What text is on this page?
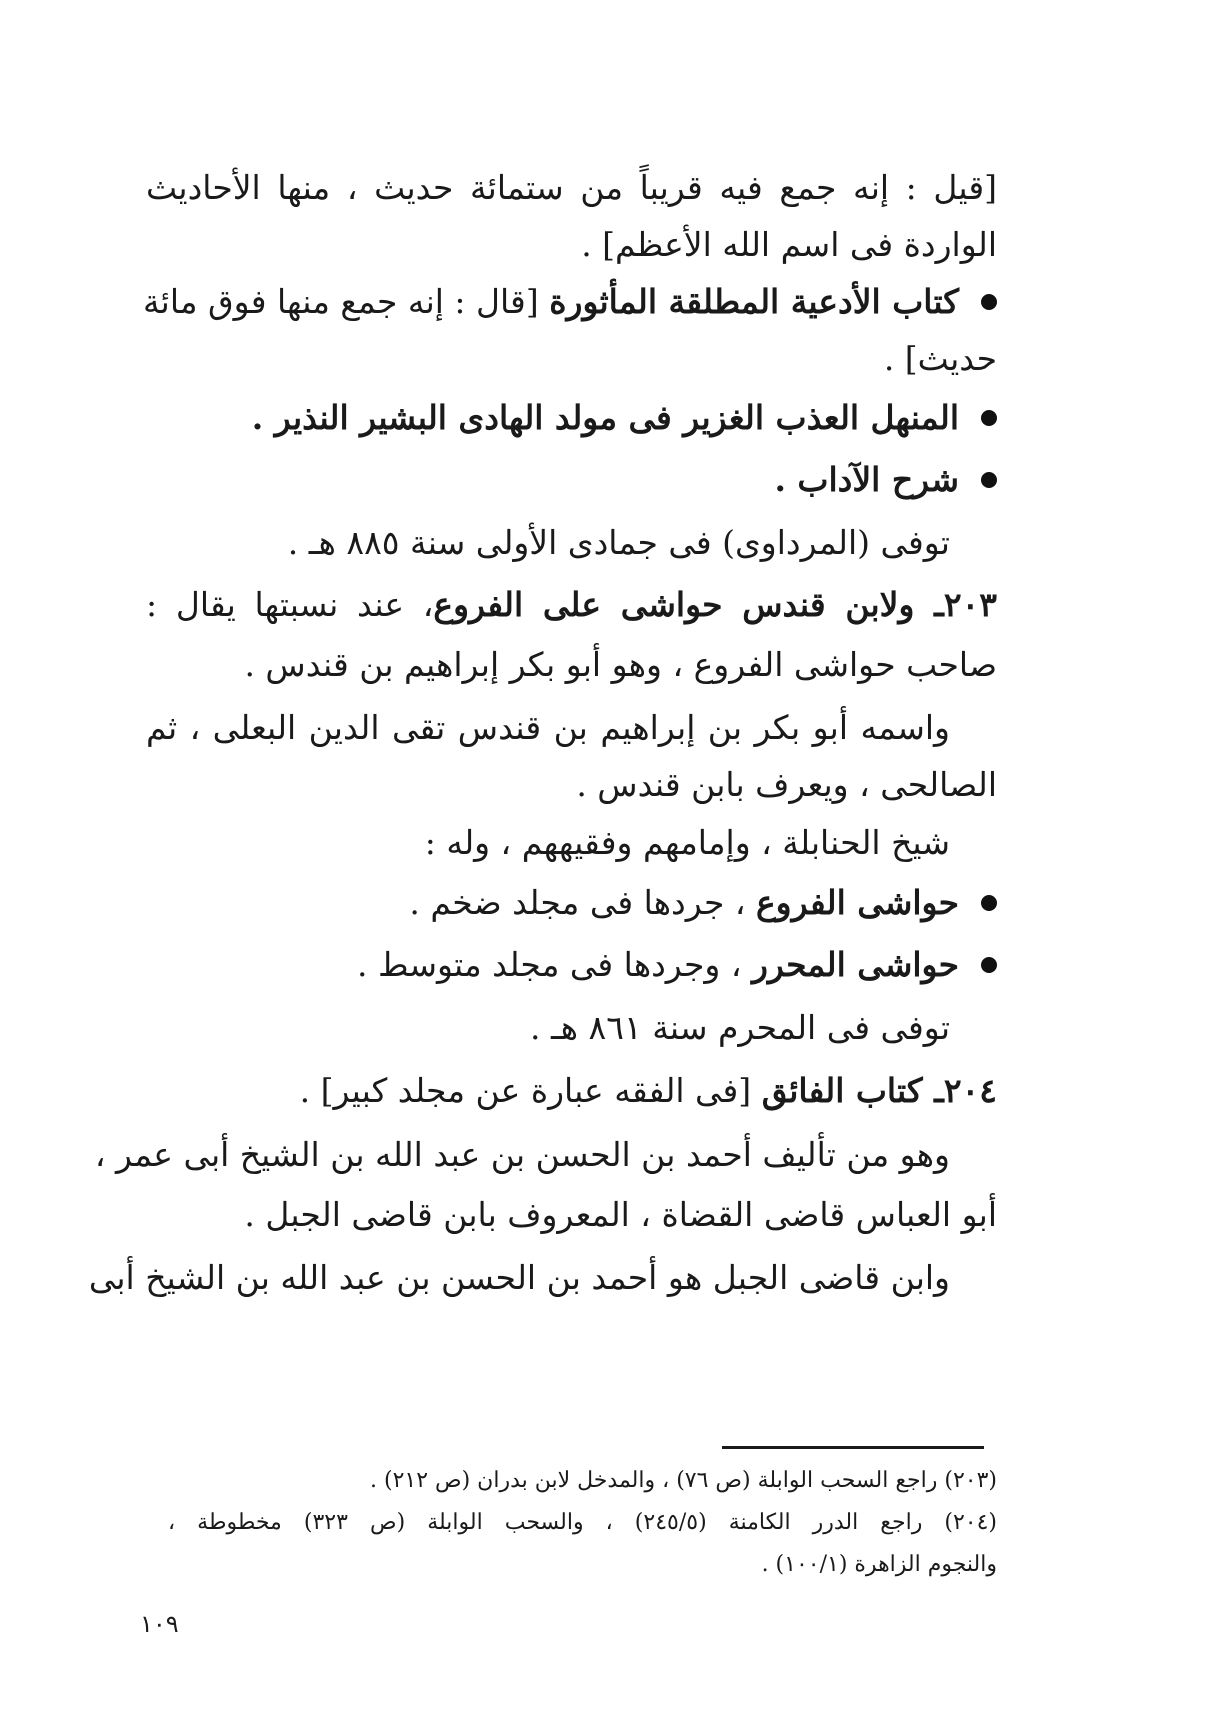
[قيل : إنه جمع فيه قريباً من ستمائة حديث ، منها الأحاديث
الواردة فى اسم الله الأعظم] .
كتاب الأدعية المطلقة المأثورة [قال : إنه جمع منها فوق مائة
حديث] .
المنهل العذب الغزير فى مولد الهادى البشير النذير .
شرح الآداب .
توفى (المرداوى) فى جمادى الأولى سنة ٨٨٥ هـ .
٢٠٣ـ ولابن قندس حواشى على الفروع، عند نسبتها يقال :
صاحب حواشى الفروع ، وهو أبو بكر إبراهيم بن قندس .
واسمه أبو بكر بن إبراهيم بن قندس تقى الدين البعلى ، ثم
الصالحى ، ويعرف بابن قندس .
شيخ الحنابلة ، وإمامهم وفقيههم ، وله :
حواشى الفروع ، جردها فى مجلد ضخم .
حواشى المحرر ، وجردها فى مجلد متوسط .
توفى فى المحرم سنة ٨٦١ هـ .
٢٠٤ـ كتاب الفائق [فى الفقه عبارة عن مجلد كبير] .
وهو من تأليف أحمد بن الحسن بن عبد الله بن الشيخ أبى عمر ،
أبو العباس قاضى القضاة ، المعروف بابن قاضى الجبل .
وابن قاضى الجبل هو أحمد بن الحسن بن عبد الله بن الشيخ أبى
(٢٠٣) راجع السحب الوابلة (ص ٧٦) ، والمدخل لابن بدران (ص ٢١٢) .
(٢٠٤) راجع الدرر الكامنة (٢٤٥/٥) ، والسحب الوابلة (ص ٣٢٣) مخطوطة ،
والنجوم الزاهرة (١٠٠/١) .
١٠٩
